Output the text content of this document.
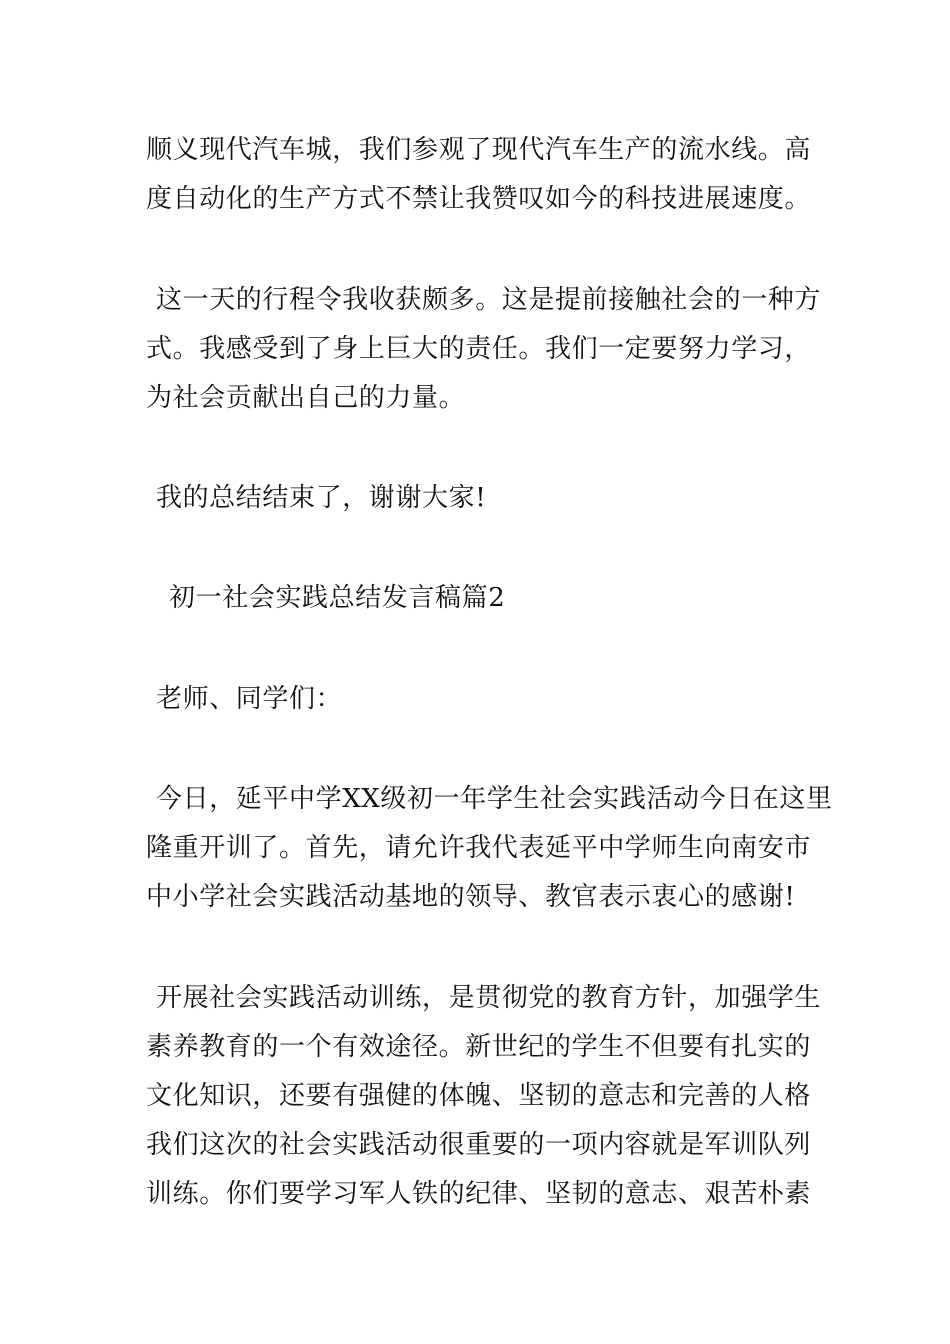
顺义现代汽车城，我们参观了现代汽车生产的流水线。高

度自动化的生产方式不禁让我赞叹如今的科技进展速度。

这一天的行程令我收获颇多。这是提前接触社会的一种方

式。我感受到了身上巨大的责任。我们一定要努力学习，

为社会贡献出自己的力量。

我的总结结束了，谢谢大家!

初一社会实践总结发言稿篇2

老师、同学们：

今日，延平中学XX级初一年学生社会实践活动今日在这里

隆重开训了。首先，请允许我代表延平中学师生向南安市

中小学社会实践活动基地的领导、教官表示衷心的感谢!

开展社会实践活动训练，是贯彻党的教育方针，加强学生

素养教育的一个有效途径。新世纪的学生不但要有扎实的

文化知识，还要有强健的体魄、坚韧的意志和完善的人格

我们这次的社会实践活动很重要的一项内容就是军训队列

训练。你们要学习军人铁的纪律、坚韧的意志、艰苦朴素
